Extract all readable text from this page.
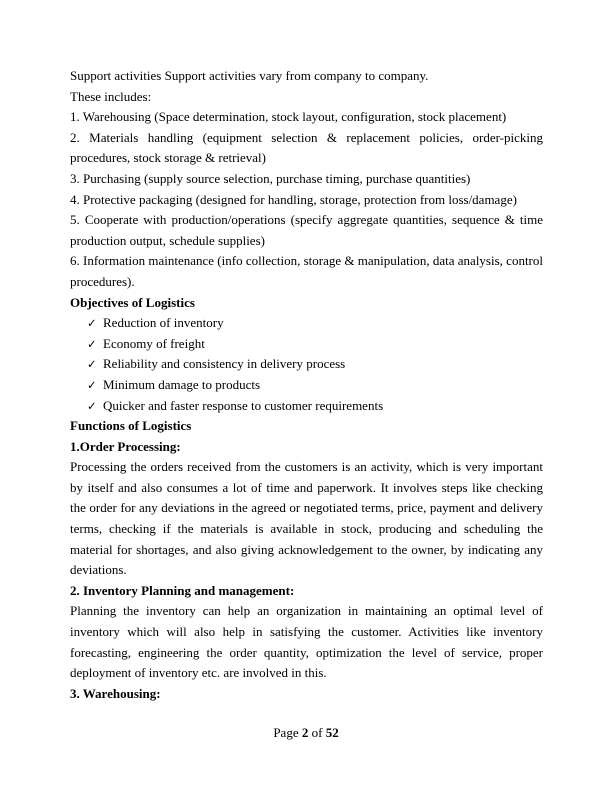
Support activities Support activities vary from company to company.

These includes:

1. Warehousing (Space determination, stock layout, configuration, stock placement)

2. Materials handling (equipment selection & replacement policies, order-picking procedures, stock storage & retrieval)

3. Purchasing (supply source selection, purchase timing, purchase quantities)

4. Protective packaging (designed for handling, storage, protection from loss/damage)

5. Cooperate with production/operations (specify aggregate quantities, sequence & time production output, schedule supplies)

6. Information maintenance (info collection, storage & manipulation, data analysis, control procedures).

Objectives of Logistics

✓ Reduction of inventory
✓ Economy of freight
✓ Reliability and consistency in delivery process
✓ Minimum damage to products
✓ Quicker and faster response to customer requirements

Functions of Logistics

1.Order Processing:

Processing the orders received from the customers is an activity, which is very important by itself and also consumes a lot of time and paperwork. It involves steps like checking the order for any deviations in the agreed or negotiated terms, price, payment and delivery terms, checking if the materials is available in stock, producing and scheduling the material for shortages, and also giving acknowledgement to the owner, by indicating any deviations.

2. Inventory Planning and management:

Planning the inventory can help an organization in maintaining an optimal level of inventory which will also help in satisfying the customer. Activities like inventory forecasting, engineering the order quantity, optimization the level of service, proper deployment of inventory etc. are involved in this.

3. Warehousing:

Page 2 of 52
